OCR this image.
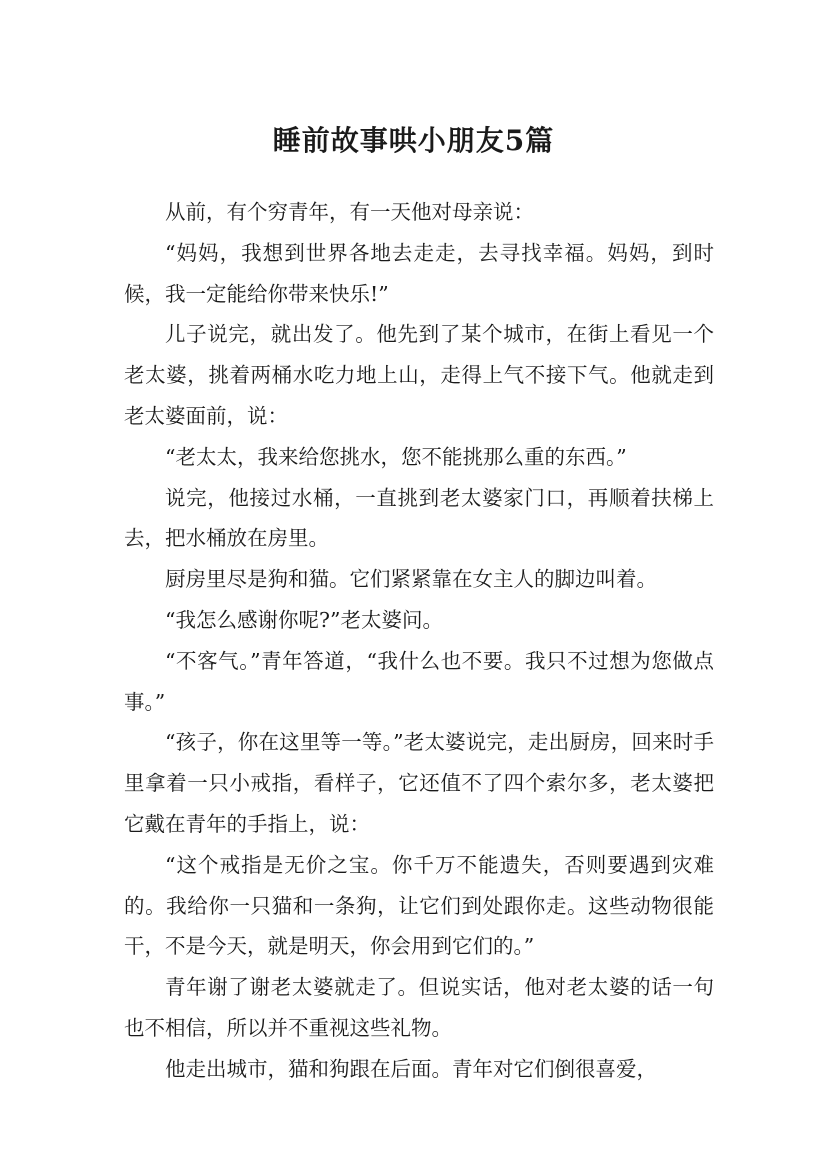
睡前故事哄小朋友5篇

从前，有个穷青年，有一天他对母亲说：

“妈妈，我想到世界各地去走走，去寻找幸福。妈妈，到时候，我一定能给你带来快乐!”

儿子说完，就出发了。他先到了某个城市，在街上看见一个老太婆，挑着两桶水吃力地上山，走得上气不接下气。他就走到老太婆面前，说：

“老太太，我来给您挑水，您不能挑那么重的东西。”

说完，他接过水桶，一直挑到老太婆家门口，再顺着扶梯上去，把水桶放在房里。

厨房里尽是狗和猫。它们紧紧靠在女主人的脚边叫着。

“我怎么感谢你呢?”老太婆问。

“不客气。”青年答道，“我什么也不要。我只不过想为您做点事。”

“孩子，你在这里等一等。”老太婆说完，走出厨房，回来时手里拿着一只小戒指，看样子，它还值不了四个索尔多，老太婆把它戴在青年的手指上，说：

“这个戒指是无价之宝。你千万不能遗失，否则要遇到灾难的。我给你一只猫和一条狗，让它们到处跟你走。这些动物很能干，不是今天，就是明天，你会用到它们的。”

青年谢了谢老太婆就走了。但说实话，他对老太婆的话一句也不相信，所以并不重视这些礼物。

他走出城市，猫和狗跟在后面。青年对它们倒很喜爱，
